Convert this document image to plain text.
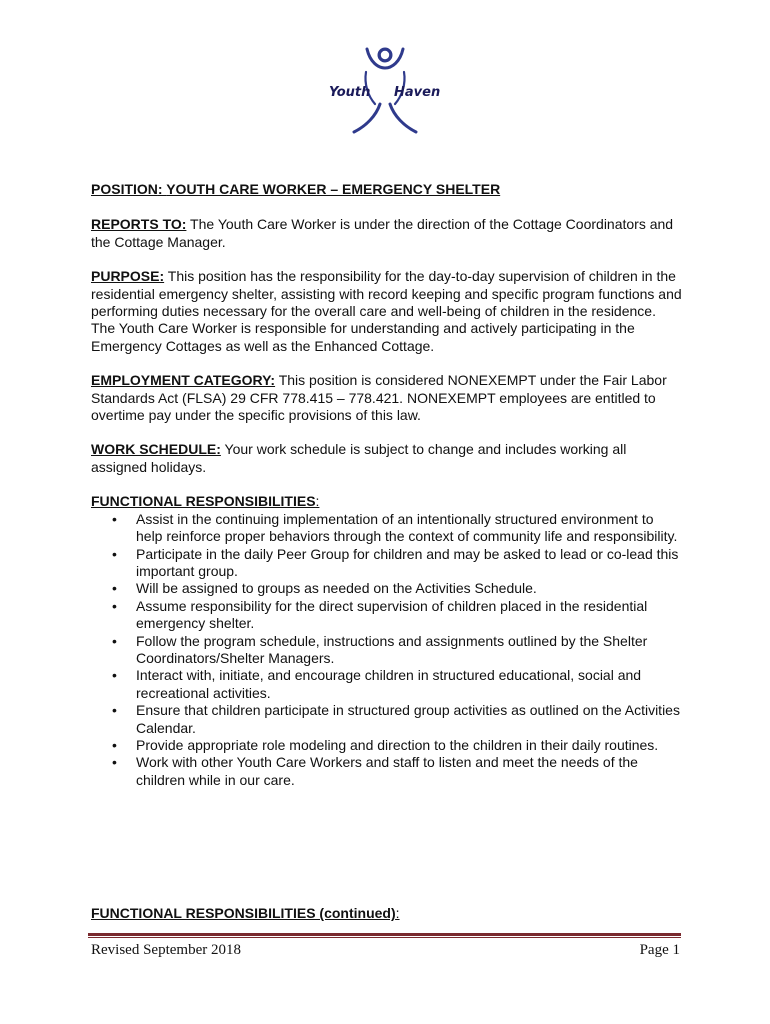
Youth Haven

POSITION: YOUTH CARE WORKER – EMERGENCY SHELTER

REPORTS TO: The Youth Care Worker is under the direction of the Cottage Coordinators and the Cottage Manager.

PURPOSE: This position has the responsibility for the day-to-day supervision of children in the residential emergency shelter, assisting with record keeping and specific program functions and performing duties necessary for the overall care and well-being of children in the residence. The Youth Care Worker is responsible for understanding and actively participating in the Emergency Cottages as well as the Enhanced Cottage.

EMPLOYMENT CATEGORY: This position is considered NONEXEMPT under the Fair Labor Standards Act (FLSA) 29 CFR 778.415 – 778.421. NONEXEMPT employees are entitled to overtime pay under the specific provisions of this law.

WORK SCHEDULE: Your work schedule is subject to change and includes working all assigned holidays.

FUNCTIONAL RESPONSIBILITIES:

• Assist in the continuing implementation of an intentionally structured environment to help reinforce proper behaviors through the context of community life and responsibility.
• Participate in the daily Peer Group for children and may be asked to lead or co-lead this important group.
• Will be assigned to groups as needed on the Activities Schedule.
• Assume responsibility for the direct supervision of children placed in the residential emergency shelter.
• Follow the program schedule, instructions and assignments outlined by the Shelter Coordinators/Shelter Managers.
• Interact with, initiate, and encourage children in structured educational, social and recreational activities.
• Ensure that children participate in structured group activities as outlined on the Activities Calendar.
• Provide appropriate role modeling and direction to the children in their daily routines.
• Work with other Youth Care Workers and staff to listen and meet the needs of the children while in our care.

FUNCTIONAL RESPONSIBILITIES (continued):

Revised September 2018	Page 1
